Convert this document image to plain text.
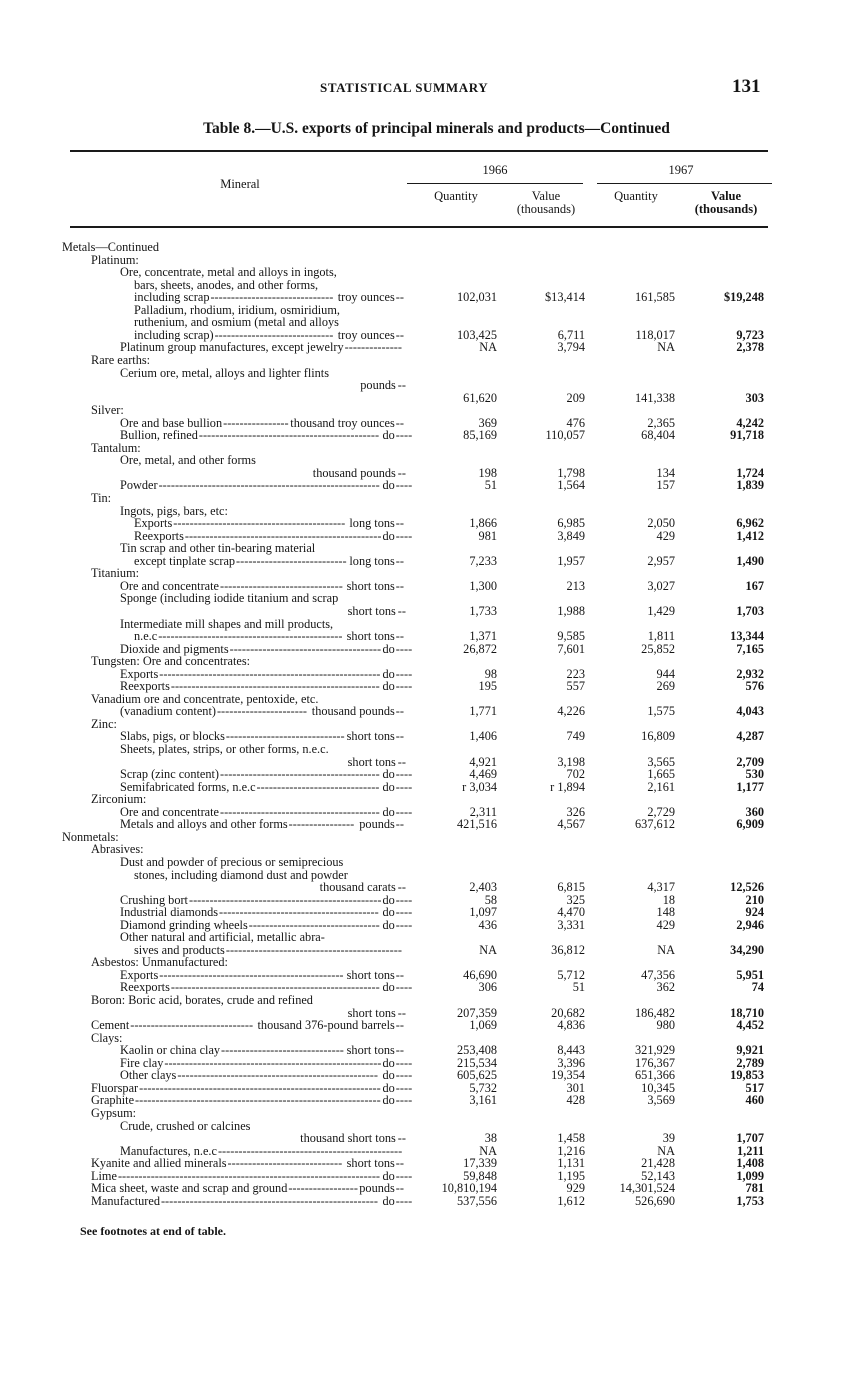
STATISTICAL SUMMARY	131
Table 8.—U.S. exports of principal minerals and products—Continued
Mineral
1966	1967
Quantity	Value
(thousands)
Quantity	Value
(thousands)
Metals—Continued
Platinum:
Ore, concentrate, metal and alloys in ingots,
bars, sheets, anodes, and other forms,
including scrap ------------------------------ troy ounces --	102,031	$13,414	161,585	$19,248
Palladium, rhodium, iridium, osmiridium,
ruthenium, and osmium (metal and alloys
including scrap) ----------------------------- troy ounces --	103,425	6,711	118,017	9,723
Platinum group manufactures, except jewelry --------------	NA	3,794	NA	2,378
Rare earths:
Cerium ore, metal, alloys and lighter flints
pounds --
61,620	209	141,338	303
Silver:
Ore and base bullion ---------------- thousand troy ounces --	369	476	2,365	4,242
Bullion, refined -------------------------------------------- do ----	85,169	110,057	68,404	91,718
Tantalum:
Ore, metal, and other forms
thousand pounds --	198	1,798	134	1,724
Powder ------------------------------------------------------ do ----	51	1,564	157	1,839
Tin:
Ingots, pigs, bars, etc:
Exports ------------------------------------------ long tons --	1,866	6,985	2,050	6,962
Reexports ------------------------------------------------ do ----	981	3,849	429	1,412
Tin scrap and other tin-bearing material
except tinplate scrap --------------------------- long tons --	7,233	1,957	2,957	1,490
Titanium:
Ore and concentrate ------------------------------ short tons --	1,300	213	3,027	167
Sponge (including iodide titanium and scrap
short tons --	1,733	1,988	1,429	1,703
Intermediate mill shapes and mill products,
n.e.c --------------------------------------------- short tons --	1,371	9,585	1,811	13,344
Dioxide and pigments ------------------------------------- do ----	26,872	7,601	25,852	7,165
Tungsten: Ore and concentrates:
Exports ------------------------------------------------------ do ----	98	223	944	2,932
Reexports --------------------------------------------------- do ----	195	557	269	576
Vanadium ore and concentrate, pentoxide, etc.
(vanadium content) ---------------------- thousand pounds --	1,771	4,226	1,575	4,043
Zinc:
Slabs, pigs, or blocks ----------------------------- short tons --	1,406	749	16,809	4,287
Sheets, plates, strips, or other forms, n.e.c.
short tons --	4,921	3,198	3,565	2,709
Scrap (zinc content) --------------------------------------- do ----	4,469	702	1,665	530
Semifabricated forms, n.e.c ------------------------------ do ----	r 3,034	r 1,894	2,161	1,177
Zirconium:
Ore and concentrate --------------------------------------- do ----	2,311	326	2,729	360
Metals and alloys and other forms ---------------- pounds --	421,516	4,567	637,612	6,909
Nonmetals:
Abrasives:
Dust and powder of precious or semiprecious
stones, including diamond dust and powder
thousand carats --	2,403	6,815	4,317	12,526
Crushing bort ----------------------------------------------- do ----	58	325	18	210
Industrial diamonds --------------------------------------- do ----	1,097	4,470	148	924
Diamond grinding wheels -------------------------------- do ----	436	3,331	429	2,946
Other natural and artificial, metallic abra-
sives and products -------------------------------------------	NA	36,812	NA	34,290
Asbestos: Unmanufactured:
Exports --------------------------------------------- short tons --	46,690	5,712	47,356	5,951
Reexports --------------------------------------------------- do ----	306	51	362	74
Boron: Boric acid, borates, crude and refined
short tons --	207,359	20,682	186,482	18,710
Cement ------------------------------ thousand 376-pound barrels --	1,069	4,836	980	4,452
Clays:
Kaolin or china clay ------------------------------ short tons --	253,408	8,443	321,929	9,921
Fire clay ----------------------------------------------------- do ----	215,534	3,396	176,367	2,789
Other clays ------------------------------------------------- do ----	605,625	19,354	651,366	19,853
Fluorspar ----------------------------------------------------------- do ----	5,732	301	10,345	517
Graphite ------------------------------------------------------------ do ----	3,161	428	3,569	460
Gypsum:
Crude, crushed or calcines
thousand short tons --	38	1,458	39	1,707
Manufactures, n.e.c ---------------------------------------------	NA	1,216	NA	1,211
Kyanite and allied minerals ---------------------------- short tons --	17,339	1,131	21,428	1,408
Lime ---------------------------------------------------------------- do ----	59,848	1,195	52,143	1,099
Mica sheet, waste and scrap and ground ----------------- pounds --	10,810,194	929	14,301,524	781
Manufactured ----------------------------------------------------- do ----	537,556	1,612	526,690	1,753
See footnotes at end of table.
